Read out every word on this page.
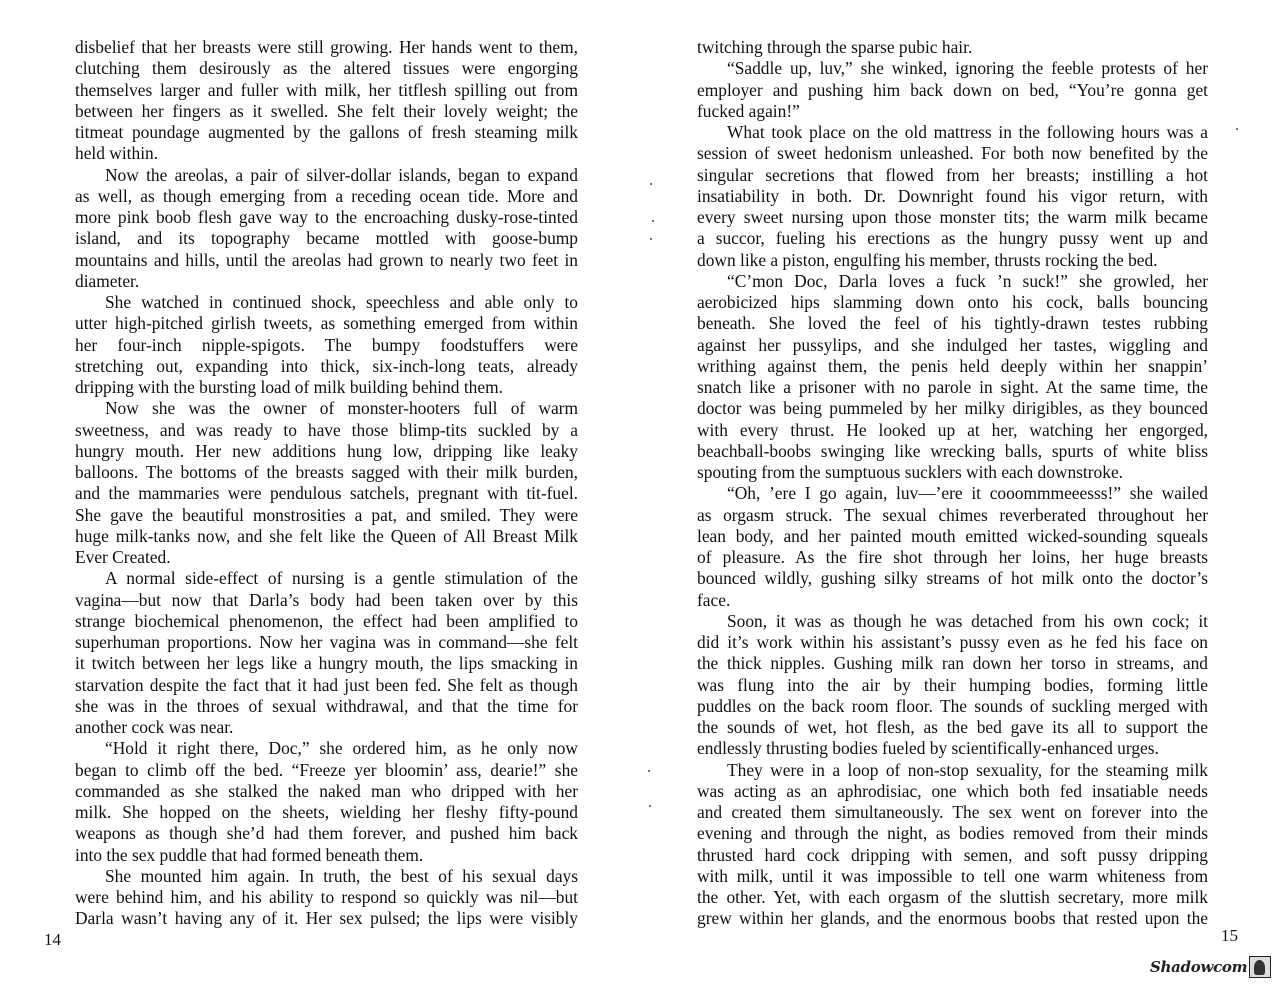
disbelief that her breasts were still growing. Her hands went to them,
clutching them desirously as the altered tissues were engorging
themselves larger and fuller with milk, her titflesh spilling out from
between her fingers as it swelled. She felt their lovely weight; the
titmeat poundage augmented by the gallons of fresh steaming milk
held within.
Now the areolas, a pair of silver-dollar islands, began to expand
as well, as though emerging from a receding ocean tide. More and
more pink boob flesh gave way to the encroaching dusky-rose-tinted
island, and its topography became mottled with goose-bump
mountains and hills, until the areolas had grown to nearly two feet in
diameter.
She watched in continued shock, speechless and able only to
utter high-pitched girlish tweets, as something emerged from within
her four-inch nipple-spigots. The bumpy foodstuffers were
stretching out, expanding into thick, six-inch-long teats, already
dripping with the bursting load of milk building behind them.
Now she was the owner of monster-hooters full of warm
sweetness, and was ready to have those blimp-tits suckled by a
hungry mouth. Her new additions hung low, dripping like leaky
balloons. The bottoms of the breasts sagged with their milk burden,
and the mammaries were pendulous satchels, pregnant with tit-fuel.
She gave the beautiful monstrosities a pat, and smiled. They were
huge milk-tanks now, and she felt like the Queen of All Breast Milk
Ever Created.
A normal side-effect of nursing is a gentle stimulation of the
vagina—but now that Darla’s body had been taken over by this
strange biochemical phenomenon, the effect had been amplified to
superhuman proportions. Now her vagina was in command—she felt
it twitch between her legs like a hungry mouth, the lips smacking in
starvation despite the fact that it had just been fed. She felt as though
she was in the throes of sexual withdrawal, and that the time for
another cock was near.
“Hold it right there, Doc,” she ordered him, as he only now
began to climb off the bed. “Freeze yer bloomin’ ass, dearie!” she
commanded as she stalked the naked man who dripped with her
milk. She hopped on the sheets, wielding her fleshy fifty-pound
weapons as though she’d had them forever, and pushed him back
into the sex puddle that had formed beneath them.
She mounted him again. In truth, the best of his sexual days
were behind him, and his ability to respond so quickly was nil—but
Darla wasn’t having any of it. Her sex pulsed; the lips were visibly
twitching through the sparse pubic hair.
“Saddle up, luv,” she winked, ignoring the feeble protests of her
employer and pushing him back down on bed, “You’re gonna get
fucked again!”
What took place on the old mattress in the following hours was a
session of sweet hedonism unleashed. For both now benefited by the
singular secretions that flowed from her breasts; instilling a hot
insatiability in both. Dr. Downright found his vigor return, with
every sweet nursing upon those monster tits; the warm milk became
a succor, fueling his erections as the hungry pussy went up and
down like a piston, engulfing his member, thrusts rocking the bed.
“C’mon Doc, Darla loves a fuck ’n suck!” she growled, her
aerobicized hips slamming down onto his cock, balls bouncing
beneath. She loved the feel of his tightly-drawn testes rubbing
against her pussylips, and she indulged her tastes, wiggling and
writhing against them, the penis held deeply within her snappin’
snatch like a prisoner with no parole in sight. At the same time, the
doctor was being pummeled by her milky dirigibles, as they bounced
with every thrust. He looked up at her, watching her engorged,
beachball-boobs swinging like wrecking balls, spurts of white bliss
spouting from the sumptuous sucklers with each downstroke.
“Oh, ’ere I go again, luv—’ere it cooommmeeesss!” she wailed
as orgasm struck. The sexual chimes reverberated throughout her
lean body, and her painted mouth emitted wicked-sounding squeals
of pleasure. As the fire shot through her loins, her huge breasts
bounced wildly, gushing silky streams of hot milk onto the doctor’s
face.
Soon, it was as though he was detached from his own cock; it
did it’s work within his assistant’s pussy even as he fed his face on
the thick nipples. Gushing milk ran down her torso in streams, and
was flung into the air by their humping bodies, forming little
puddles on the back room floor. The sounds of suckling merged with
the sounds of wet, hot flesh, as the bed gave its all to support the
endlessly thrusting bodies fueled by scientifically-enhanced urges.
They were in a loop of non-stop sexuality, for the steaming milk
was acting as an aphrodisiac, one which both fed insatiable needs
and created them simultaneously. The sex went on forever into the
evening and through the night, as bodies removed from their minds
thrusted hard cock dripping with semen, and soft pussy dripping
with milk, until it was impossible to tell one warm whiteness from
the other. Yet, with each orgasm of the sluttish secretary, more milk
grew within her glands, and the enormous boobs that rested upon the
14	15
Shadowcom
